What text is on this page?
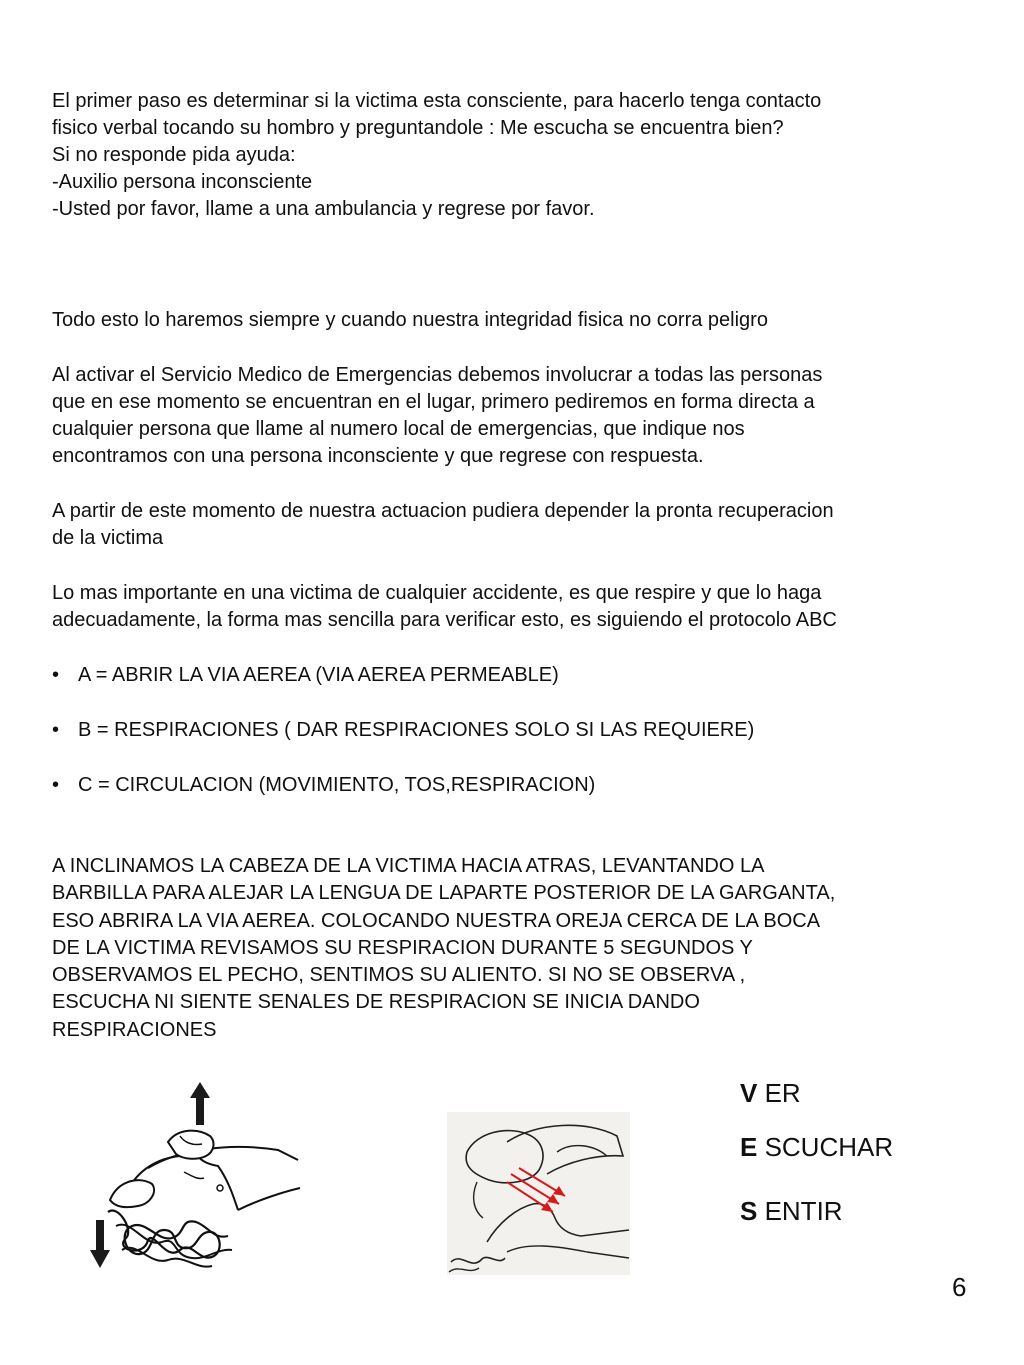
El primer paso es determinar si la victima esta consciente, para hacerlo tenga contacto
fisico verbal tocando su hombro y preguntandole : Me escucha se encuentra bien?
Si no responde pida ayuda:
-Auxilio persona inconsciente
-Usted por favor, llame a una ambulancia y regrese por favor.
Todo esto lo haremos siempre y cuando nuestra integridad fisica no corra peligro
Al activar el Servicio Medico de Emergencias debemos involucrar a todas las personas
que en ese momento se encuentran en el lugar, primero pediremos en forma directa a
cualquier persona que llame al numero local de emergencias, que indique nos
encontramos con una persona inconsciente y que regrese con respuesta.
A partir de este momento de nuestra actuacion pudiera depender la pronta recuperacion
de la victima
Lo mas importante en una victima de cualquier accidente, es que respire y que lo haga
adecuadamente, la forma mas sencilla para verificar esto, es siguiendo el protocolo ABC
• A = ABRIR LA VIA AEREA (VIA AEREA PERMEABLE)
• B = RESPIRACIONES ( DAR RESPIRACIONES SOLO SI LAS REQUIERE)
• C = CIRCULACION (MOVIMIENTO, TOS,RESPIRACION)
A INCLINAMOS LA CABEZA DE LA VICTIMA HACIA ATRAS, LEVANTANDO LA
BARBILLA PARA ALEJAR LA LENGUA DE LAPARTE POSTERIOR DE LA GARGANTA,
ESO ABRIRA LA VIA AEREA. COLOCANDO NUESTRA OREJA CERCA DE LA BOCA
DE LA VICTIMA REVISAMOS SU RESPIRACION DURANTE 5 SEGUNDOS Y
OBSERVAMOS EL PECHO, SENTIMOS SU ALIENTO. SI NO SE OBSERVA ,
ESCUCHA NI SIENTE SENALES DE RESPIRACION SE INICIA DANDO
RESPIRACIONES
V ER
E SCUCHAR
S ENTIR
6
